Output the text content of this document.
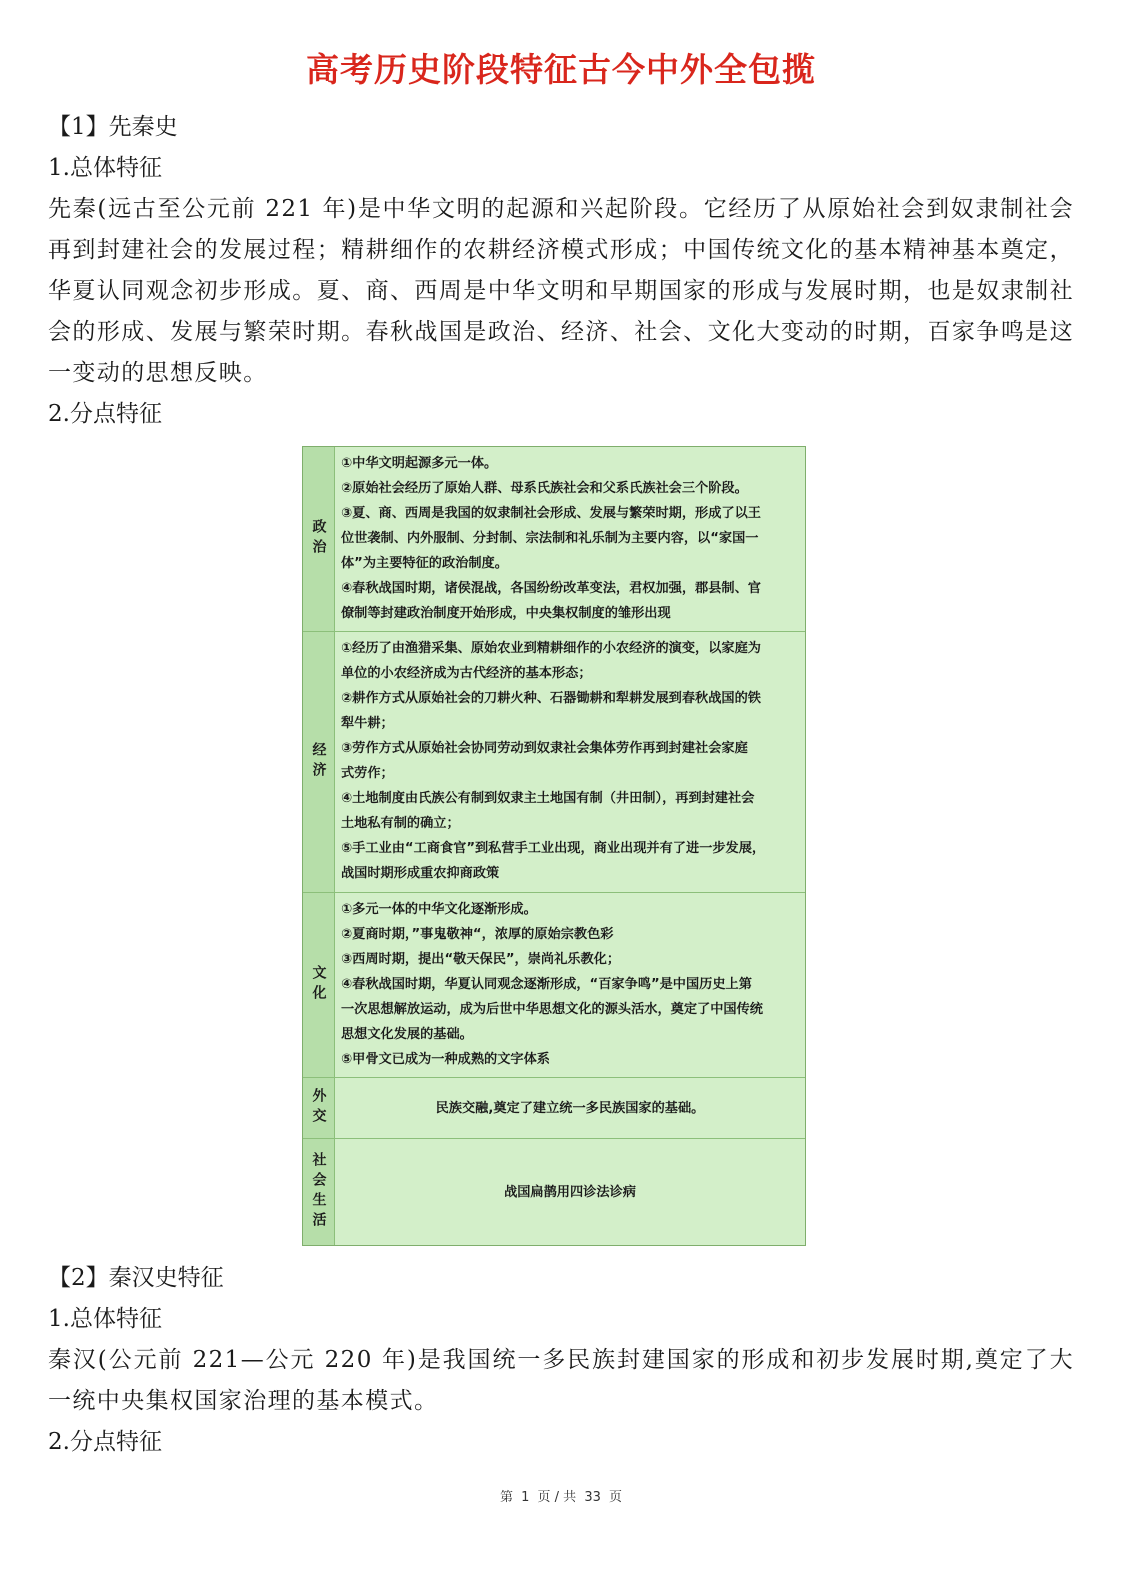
高考历史阶段特征古今中外全包揽
【1】先秦史
1.总体特征
先秦(远古至公元前 221 年)是中华文明的起源和兴起阶段。它经历了从原始社会到奴隶制社会再到封建社会的发展过程；精耕细作的农耕经济模式形成；中国传统文化的基本精神基本奠定，华夏认同观念初步形成。夏、商、西周是中华文明和早期国家的形成与发展时期，也是奴隶制社会的形成、发展与繁荣时期。春秋战国是政治、经济、社会、文化大变动的时期，百家争鸣是这一变动的思想反映。
2.分点特征
政治

①中华文明起源多元一体。

②原始社会经历了原始人群、母系氏族社会和父系氏族社会三个阶段。

③夏、商、西周是我国的奴隶制社会形成、发展与繁荣时期，形成了以王

位世袭制、内外服制、分封制、宗法制和礼乐制为主要内容，以“家国一

体”为主要特征的政治制度。

④春秋战国时期，诸侯混战，各国纷纷改革变法，君权加强，郡县制、官

僚制等封建政治制度开始形成，中央集权制度的雏形出现

经济

①经历了由渔猎采集、原始农业到精耕细作的小农经济的演变，以家庭为

单位的小农经济成为古代经济的基本形态；

②耕作方式从原始社会的刀耕火种、石器锄耕和犁耕发展到春秋战国的铁

犁牛耕；

③劳作方式从原始社会协同劳动到奴隶社会集体劳作再到封建社会家庭

式劳作；

④土地制度由氏族公有制到奴隶主土地国有制（井田制），再到封建社会

土地私有制的确立；

⑤手工业由“工商食官”到私营手工业出现，商业出现并有了进一步发展，

战国时期形成重农抑商政策

文化

①多元一体的中华文化逐渐形成。

②夏商时期，”事鬼敬神“，浓厚的原始宗教色彩

③西周时期，提出“敬天保民”，崇尚礼乐教化；

④春秋战国时期，华夏认同观念逐渐形成，“百家争鸣”是中国历史上第

一次思想解放运动，成为后世中华思想文化的源头活水，奠定了中国传统

思想文化发展的基础。

⑤甲骨文已成为一种成熟的文字体系

外交	民族交融,奠定了建立统一多民族国家的基础。

社会生活	战国扁鹊用四诊法诊病

【2】秦汉史特征
1.总体特征
秦汉(公元前 221—公元 220 年)是我国统一多民族封建国家的形成和初步发展时期,奠定了大一统中央集权国家治理的基本模式。
2.分点特征
第 1 页 / 共 33 页
